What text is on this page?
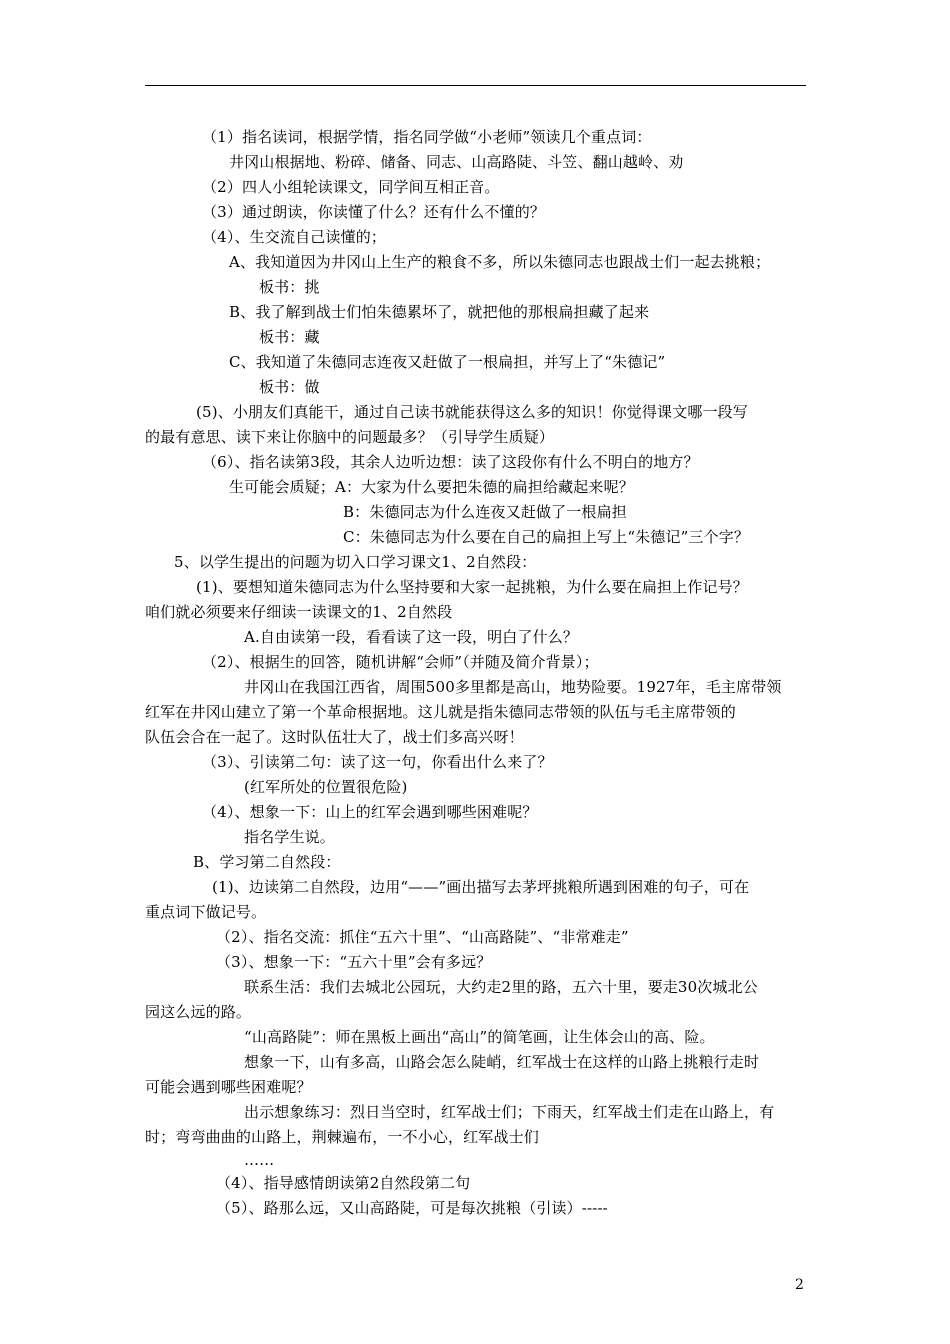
（1）指名读词，根据学情，指名同学做“小老师”领读几个重点词：
井冈山根据地、粉碎、储备、同志、山高路陡、斗笠、翻山越岭、劝
（2）四人小组轮读课文，同学间互相正音。
（3）通过朗读，你读懂了什么？还有什么不懂的？
（4）、生交流自己读懂的；
A、我知道因为井冈山上生产的粮食不多，所以朱德同志也跟战士们一起去挑粮；
板书：挑
B、我了解到战士们怕朱德累坏了，就把他的那根扁担藏了起来
板书：藏
C、我知道了朱德同志连夜又赶做了一根扁担，并写上了“朱德记”
板书：做
(5)、小朋友们真能干，通过自己读书就能获得这么多的知识！你觉得课文哪一段写
的最有意思、读下来让你脑中的问题最多？（引导学生质疑）
（6）、指名读第3段，其余人边听边想：读了这段你有什么不明白的地方？
生可能会质疑；A：大家为什么要把朱德的扁担给藏起来呢？
B：朱德同志为什么连夜又赶做了一根扁担
C：朱德同志为什么要在自己的扁担上写上“朱德记”三个字？
5、以学生提出的问题为切入口学习课文1、2自然段：
(1)、要想知道朱德同志为什么坚持要和大家一起挑粮，为什么要在扁担上作记号？
咱们就必须要来仔细读一读课文的1、2自然段
A.自由读第一段，看看读了这一段，明白了什么？
（2）、根据生的回答，随机讲解“会师”（并随及简介背景）；
井冈山在我国江西省，周围500多里都是高山，地势险要。1927年，毛主席带领
红军在井冈山建立了第一个革命根据地。这儿就是指朱德同志带领的队伍与毛主席带领的
队伍会合在一起了。这时队伍壮大了，战士们多高兴呀！
（3）、引读第二句：读了这一句，你看出什么来了？
(红军所处的位置很危险)
（4）、想象一下：山上的红军会遇到哪些困难呢？
指名学生说。
B、学习第二自然段：
(1)、边读第二自然段，边用“——”画出描写去茅坪挑粮所遇到困难的句子，可在
重点词下做记号。
（2）、指名交流：抓住“五六十里”、“山高路陡”、“非常难走”
（3）、想象一下：“五六十里”会有多远？
联系生活：我们去城北公园玩，大约走2里的路，五六十里，要走30次城北公
园这么远的路。
“山高路陡”：师在黑板上画出“高山”的简笔画，让生体会山的高、险。
想象一下，山有多高，山路会怎么陡峭，红军战士在这样的山路上挑粮行走时
可能会遇到哪些困难呢？
出示想象练习：烈日当空时，红军战士们；下雨天，红军战士们走在山路上，有
时；弯弯曲曲的山路上，荆棘遍布，一不小心，红军战士们
……
（4）、指导感情朗读第2自然段第二句
（5）、路那么远，又山高路陡，可是每次挑粮（引读）-----
2
